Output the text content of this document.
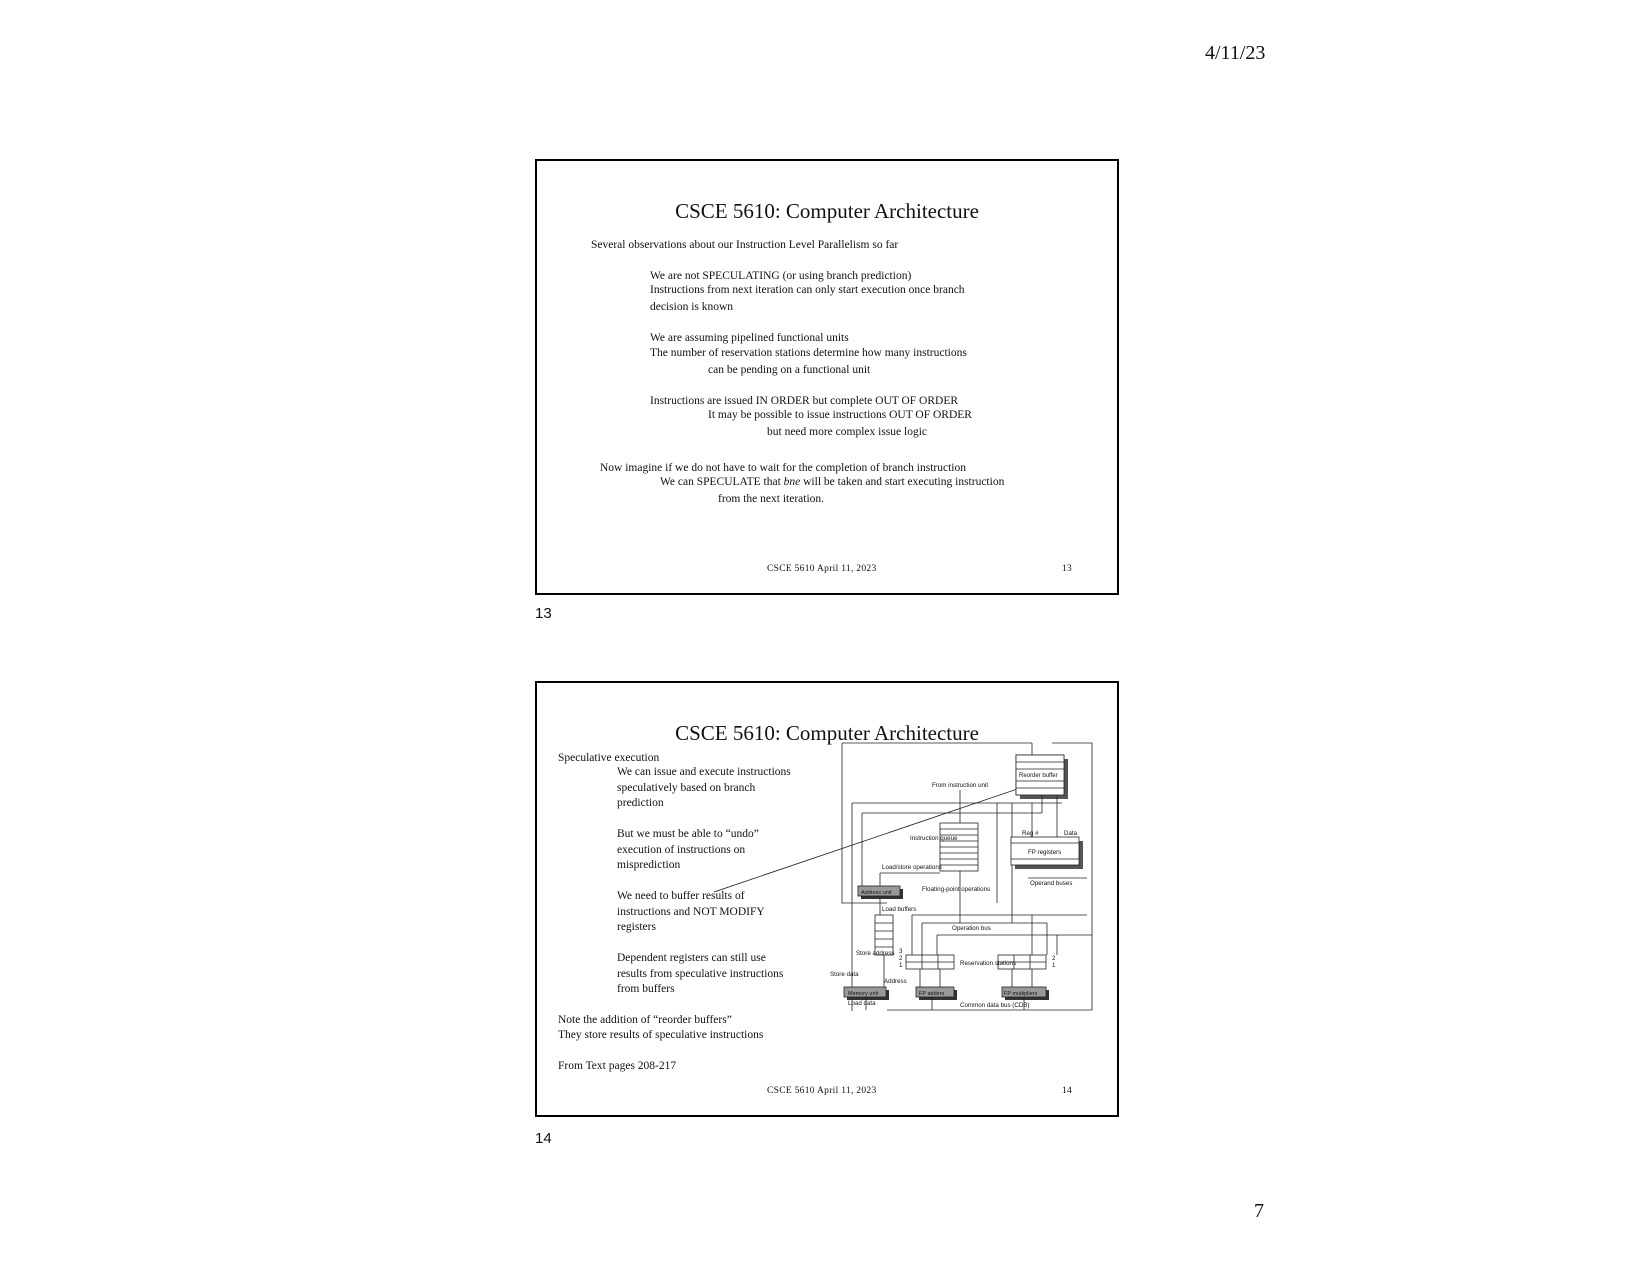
4/11/23
CSCE 5610: Computer Architecture
Several observations about our Instruction Level Parallelism so far
We are not SPECULATING (or using branch prediction)
Instructions from next iteration can only start execution once branch
decision is known
We are assuming pipelined functional units
The number of reservation stations determine how many instructions
can be pending on a functional unit
Instructions are issued IN ORDER but complete OUT OF ORDER
It may be possible to issue instructions OUT OF ORDER
but need more complex issue logic
Now imagine if we do not have to wait for the completion of branch instruction
We can SPECULATE that bne will be taken and start executing instruction
from the next iteration.
CSCE 5610 April 11, 2023	13
13
CSCE 5610: Computer Architecture
Speculative execution
We can issue and execute instructions
speculatively based on branch
prediction
But we must be able to “undo”
execution of instructions on
misprediction
We need to buffer results of
instructions and NOT MODIFY
registers
Dependent registers can still use
results from speculative instructions
from buffers
Note the addition of “reorder buffers”
They store results of speculative instructions
From Text pages 208-217
Reorder buffer
From instruction unit
Reg #	Data
Instruction queue
FP registers
Load/store operations
Operand buses
Address unit	Floating-point operations
Load buffers
Operation bus
Store address 3
2
1	Reservation stations
2
1
Store data
Address
Memory unit	FP adders	FP multipliers
Load data	Common data bus (CDB)
CSCE 5610 April 11, 2023	14
14
7
